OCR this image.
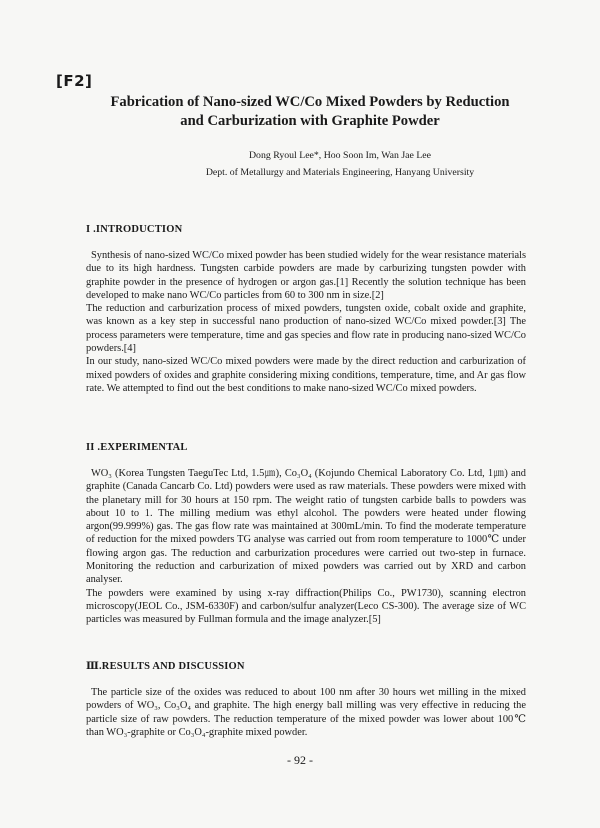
[F2]
Fabrication of Nano-sized WC/Co Mixed Powders by Reduction
and Carburization with Graphite Powder
Dong Ryoul Lee*, Hoo Soon Im, Wan Jae Lee
Dept. of Metallurgy and Materials Engineering, Hanyang University
I .INTRODUCTION

Synthesis of nano-sized WC/Co mixed powder has been studied widely for the wear resistance materials due to its high hardness. Tungsten carbide powders are made by carburizing tungsten powder with graphite powder in the presence of hydrogen or argon gas.[1] Recently the solution technique has been developed to make nano WC/Co particles from 60 to 300 nm in size.[2]

The reduction and carburization process of mixed powders, tungsten oxide, cobalt oxide and graphite, was known as a key step in successful nano production of nano-sized WC/Co mixed powder.[3] The process parameters were temperature, time and gas species and flow rate in producing nano-sized WC/Co powders.[4]

In our study, nano-sized WC/Co mixed powders were made by the direct reduction and carburization of mixed powders of oxides and graphite considering mixing conditions, temperature, time, and Ar gas flow rate. We attempted to find out the best conditions to make nano-sized WC/Co mixed powders.

II .EXPERIMENTAL

WO₃ (Korea Tungsten TaeguTec Ltd, 1.5㎛), Co₃O₄ (Kojundo Chemical Laboratory Co. Ltd, 1㎛) and graphite (Canada Cancarb Co. Ltd) powders were used as raw materials. These powders were mixed with the planetary mill for 30 hours at 150 rpm. The weight ratio of tungsten carbide balls to powders was about 10 to 1. The milling medium was ethyl alcohol. The powders were heated under flowing argon(99.999%) gas. The gas flow rate was maintained at 300mL/min. To find the moderate temperature of reduction for the mixed powders TG analyse was carried out from room temperature to 1000℃ under flowing argon gas. The reduction and carburization procedures were carried out two-step in furnace. Monitoring the reduction and carburization of mixed powders was carried out by XRD and carbon analyser.

The powders were examined by using x-ray diffraction(Philips Co., PW1730), scanning electron microscopy(JEOL Co., JSM-6330F) and carbon/sulfur analyzer(Leco CS-300). The average size of WC particles was measured by Fullman formula and the image analyzer.[5]

Ⅲ.RESULTS AND DISCUSSION

The particle size of the oxides was reduced to about 100 nm after 30 hours wet milling in the mixed powders of WO₃, Co₃O₄ and graphite. The high energy ball milling was very effective in reducing the particle size of raw powders. The reduction temperature of the mixed powder was lower about 100℃ than WO₃-graphite or Co₃O₄-graphite mixed powder.

- 92 -
